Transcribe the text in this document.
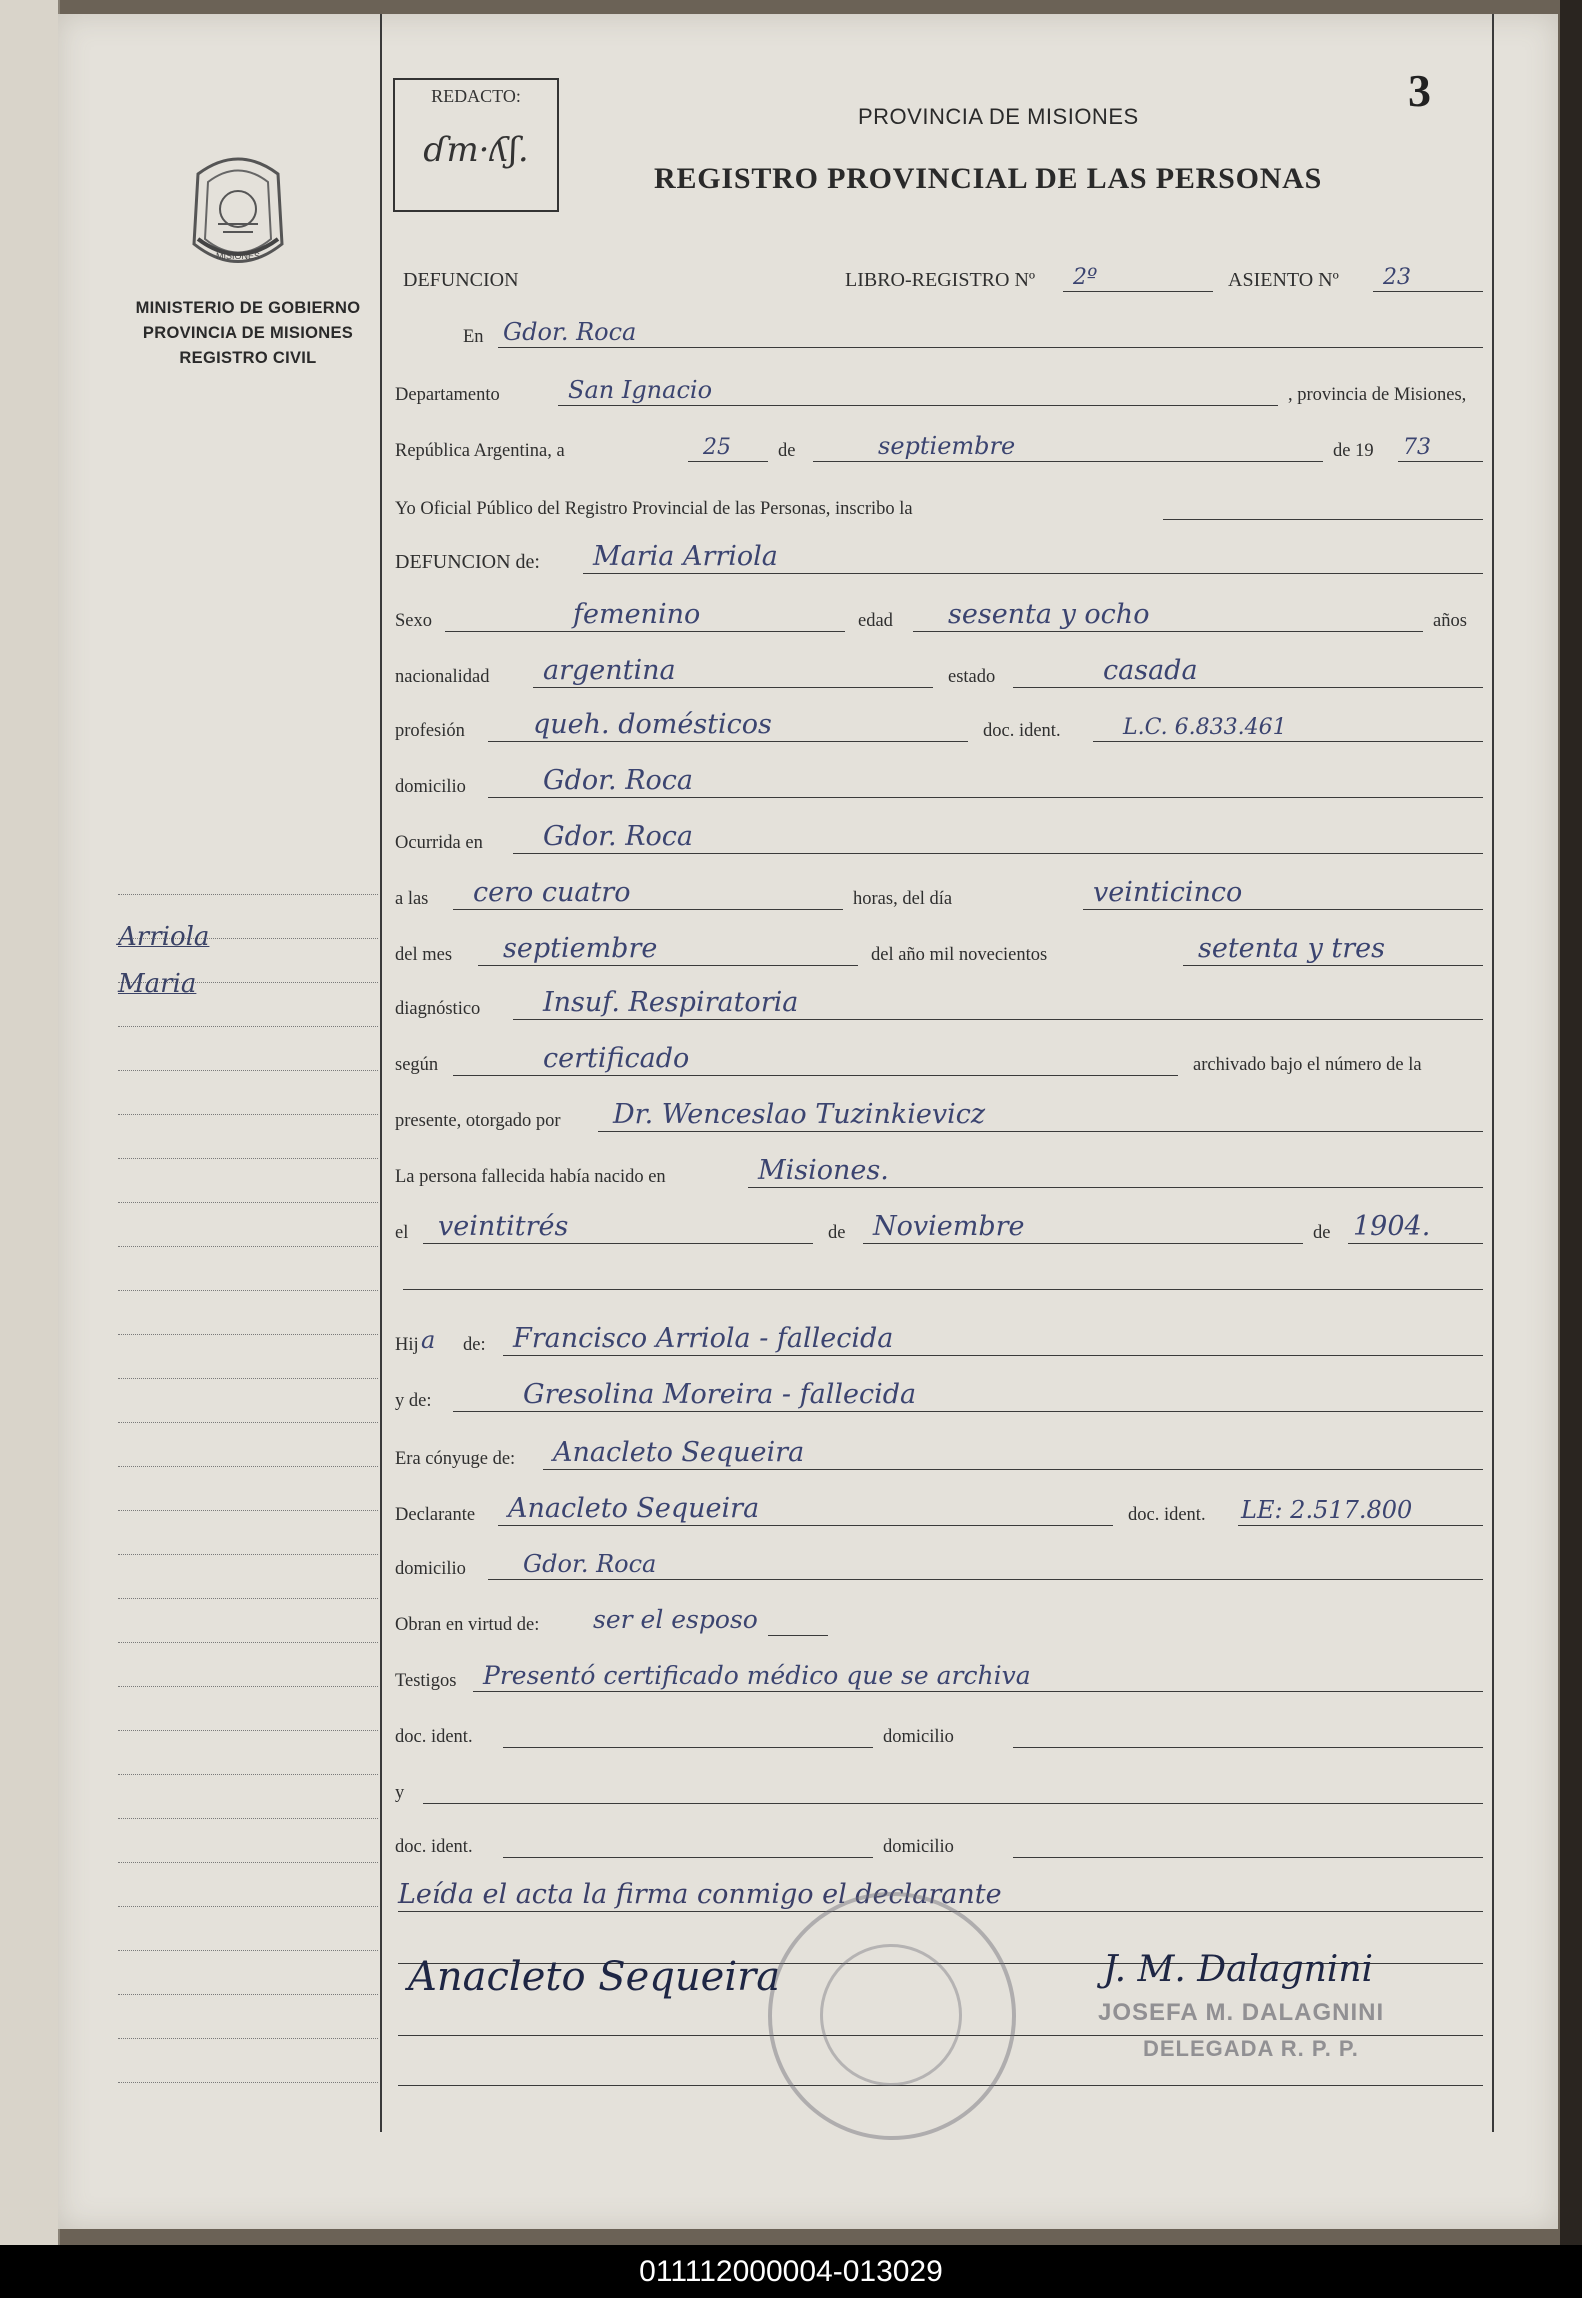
MISIONES
MINISTERIO DE GOBIERNO
PROVINCIA DE MISIONES
REGISTRO CIVIL
Arriola
Maria
REDACTO:
ɗm·ʎʃ.
3
PROVINCIA DE MISIONES
REGISTRO PROVINCIAL DE LAS PERSONAS
DEFUNCION	LIBRO-REGISTRO Nº 2º	ASIENTO Nº 23
En Gdor. Roca
Departamento	San Ignacio	, provincia de Misiones,
República Argentina, a	25	de	septiembre	de 19 73
Yo Oficial Público del Registro Provincial de las Personas, inscribo la
DEFUNCION de: Maria Arriola
Sexo	femenino	edad sesenta y ocho	años
nacionalidad argentina	estado	casada
profesión	queh. domésticos	doc. ident.	L.C. 6.833.461
domicilio	Gdor. Roca
Ocurrida en Gdor. Roca
a las cero cuatro	horas, del día	veinticinco
del mes septiembre	del año mil novecientos	setenta y tres
diagnóstico Insuf. Respiratoria
según	certificado	archivado bajo el número de la
presente, otorgado por Dr. Wenceslao Tuzinkievicz
La persona fallecida había nacido en	Misiones.
el veintitrés	de Noviembre	de 1904.
Hij a de: Francisco Arriola - fallecida
y de:	Gresolina Moreira - fallecida
Era cónyuge de: Anacleto Sequeira
Declarante Anacleto Sequeira	doc. ident. LE: 2.517.800
domicilio Gdor. Roca
Obran en virtud de: ser el esposo
Testigos Presentó certificado médico que se archiva
doc. ident.	domicilio
y
doc. ident.	domicilio
Leída el acta la firma conmigo el declarante
Anacleto Sequeira	J. M. Dalagnini
JOSEFA M. DALAGNINI
DELEGADA R. P. P.
011112000004-013029
